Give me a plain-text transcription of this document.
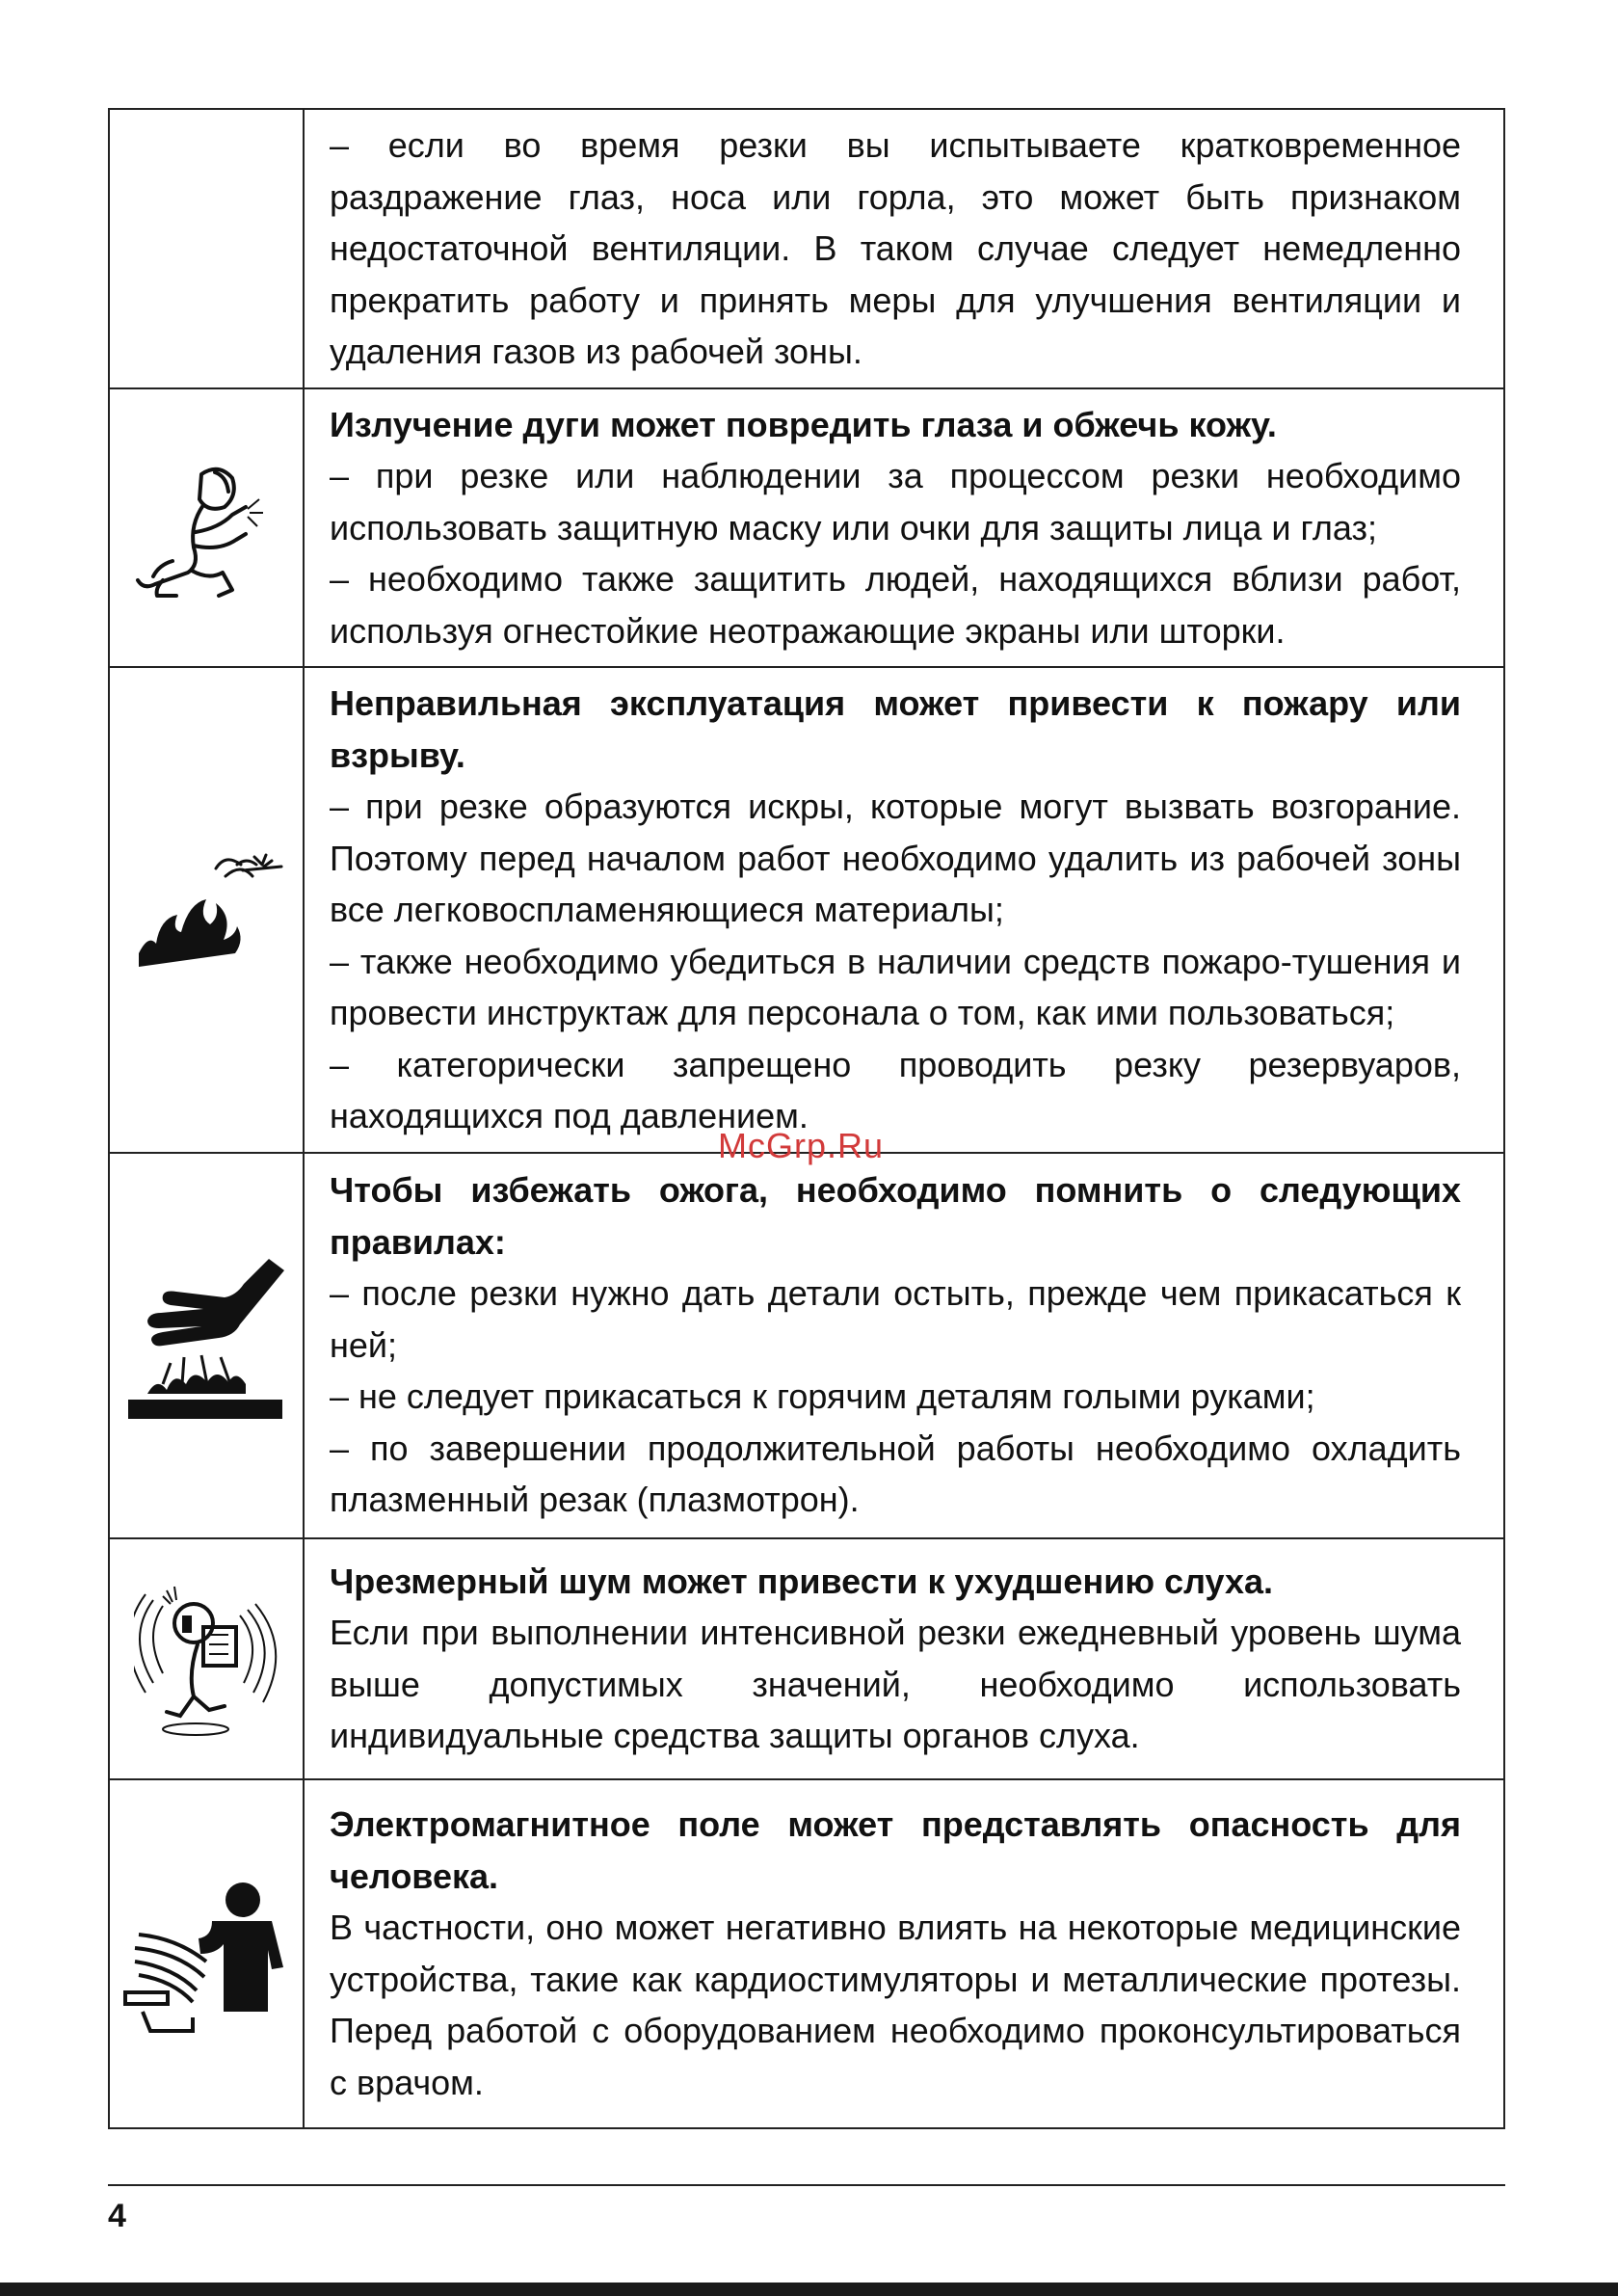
	– если во время резки вы испытываете кратковременное раздражение глаз, носа или горла, это может быть признаком недостаточной вентиляции. В таком случае следует немедленно прекратить работу и принять меры для улучшения вентиляции и удаления газов из рабочей зоны.

Излучение дуги может повредить глаза и обжечь кожу.
– при резке или наблюдении за процессом резки необходимо использовать защитную маску или очки для защиты лица и глаз;
– необходимо также защитить людей, находящихся вблизи работ, используя огнестойкие неотражающие экраны или шторки.

Неправильная эксплуатация может привести к пожару или взрыву.
– при резке образуются искры, которые могут вызвать возгорание. Поэтому перед началом работ необходимо удалить из рабочей зоны все легковоспламеняющиеся материалы;
– также необходимо убедиться в наличии средств пожаро-тушения и провести инструктаж для персонала о том, как ими пользоваться;
– категорически запрещено проводить резку резервуаров, находящихся под давлением.

Чтобы избежать ожога, необходимо помнить о следующих правилах:
– после резки нужно дать детали остыть, прежде чем прикасаться к ней;
– не следует прикасаться к горячим деталям голыми руками;
– по завершении продолжительной работы необходимо охладить плазменный резак (плазмотрон).

Чрезмерный шум может привести к ухудшению слуха.
Если при выполнении интенсивной резки ежедневный уровень шума выше допустимых значений, необходимо использовать индивидуальные средства защиты органов слуха.

Электромагнитное поле может представлять опасность для человека.
В частности, оно может негативно влиять на некоторые медицинские устройства, такие как кардиостимуляторы и металлические протезы. Перед работой с оборудованием необходимо проконсультироваться с врачом.
McGrp.Ru
4
